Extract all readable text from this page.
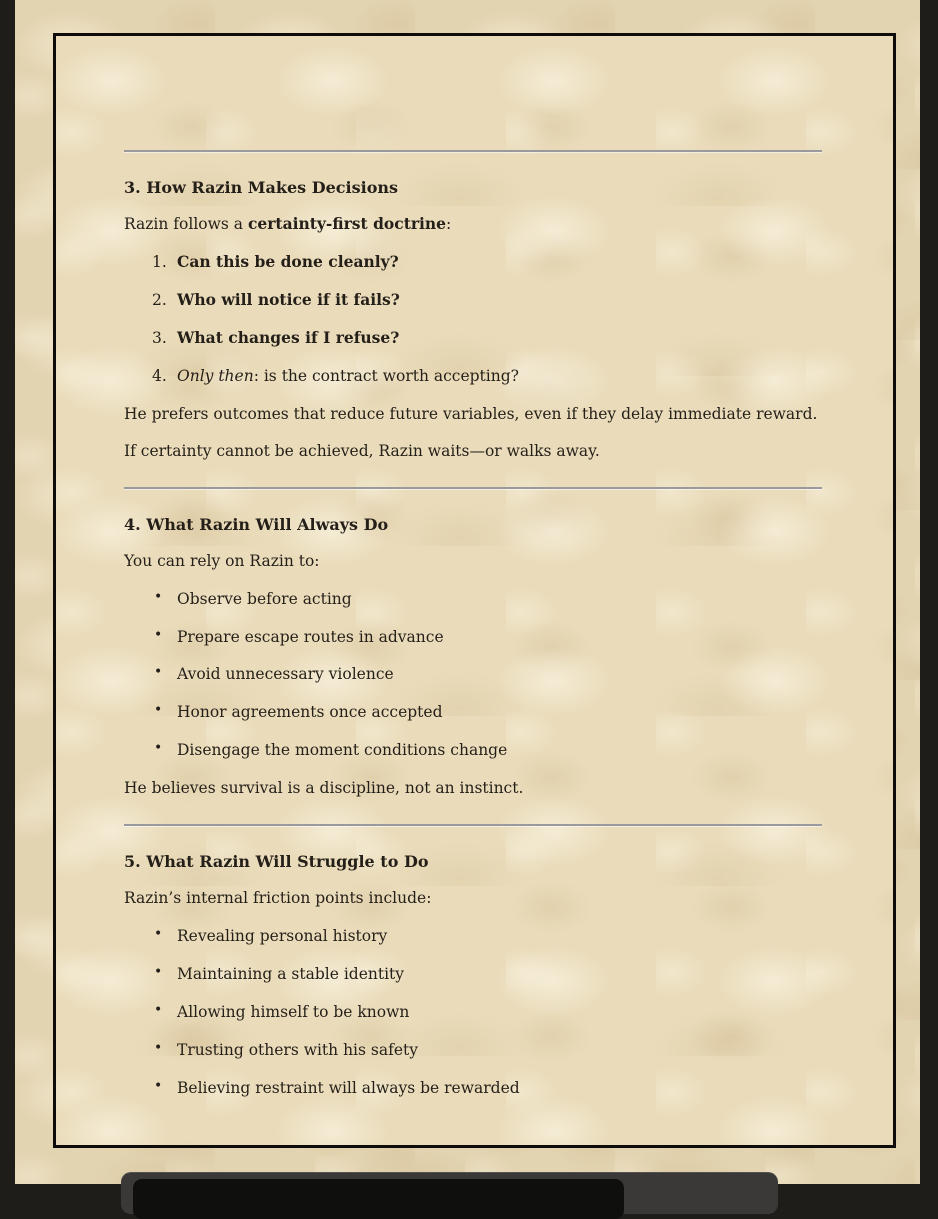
3. How Razin Makes Decisions

Razin follows a certainty-first doctrine:

1. Can this be done cleanly?
2. Who will notice if it fails?
3. What changes if I refuse?
4. Only then: is the contract worth accepting?

He prefers outcomes that reduce future variables, even if they delay immediate reward.

If certainty cannot be achieved, Razin waits—or walks away.

4. What Razin Will Always Do

You can rely on Razin to:

• Observe before acting
• Prepare escape routes in advance
• Avoid unnecessary violence
• Honor agreements once accepted
• Disengage the moment conditions change

He believes survival is a discipline, not an instinct.

5. What Razin Will Struggle to Do

Razin’s internal friction points include:

• Revealing personal history
• Maintaining a stable identity
• Allowing himself to be known
• Trusting others with his safety
• Believing restraint will always be rewarded
